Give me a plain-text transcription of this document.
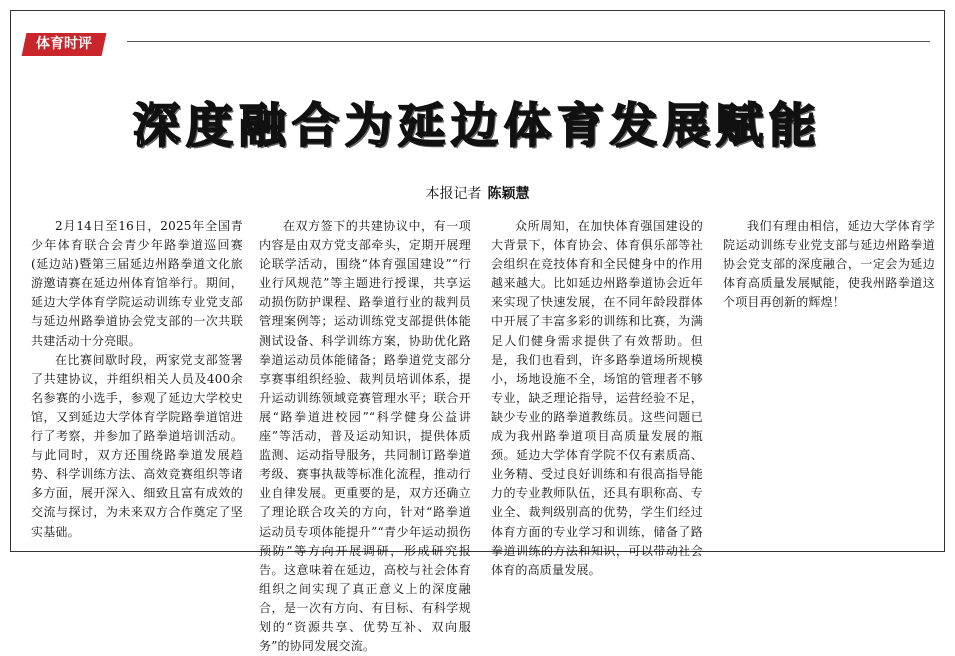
体育时评
深度融合为延边体育发展赋能
本报记者 陈颖慧

2月14日至16日，2025年全国青少年体育联合会青少年路拳道巡回赛(延边站)暨第三届延边州路拳道文化旅游邀请赛在延边州体育馆举行。期间，延边大学体育学院运动训练专业党支部与延边州路拳道协会党支部的一次共联共建活动十分亮眼。

在比赛间歇时段，两家党支部签署了共建协议，并组织相关人员及400余名参赛的小选手，参观了延边大学校史馆，又到延边大学体育学院路拳道馆进行了考察，并参加了路拳道培训活动。与此同时，双方还围绕路拳道发展趋势、科学训练方法、高效竞赛组织等诸多方面，展开深入、细致且富有成效的交流与探讨，为未来双方合作奠定了坚实基础。

在双方签下的共建协议中，有一项内容是由双方党支部牵头，定期开展理论联学活动，围绕“体育强国建设”“行业行风规范”等主题进行授课，共享运动损伤防护课程、路拳道行业的裁判员管理案例等；运动训练党支部提供体能测试设备、科学训练方案，协助优化路拳道运动员体能储备；路拳道党支部分享赛事组织经验、裁判员培训体系，提升运动训练领域竞赛管理水平；联合开展“路拳道进校园”“科学健身公益讲座”等活动，普及运动知识，提供体质监测、运动指导服务，共同制订路拳道考级、赛事执裁等标准化流程，推动行业自律发展。更重要的是，双方还确立了理论联合攻关的方向，针对“路拳道运动员专项体能提升”“青少年运动损伤预防”等方向开展调研，形成研究报告。这意味着在延边，高校与社会体育组织之间实现了真正意义上的深度融合，是一次有方向、有目标、有科学规划的“资源共享、优势互补、双向服务”的协同发展交流。

众所周知，在加快体育强国建设的大背景下，体育协会、体育俱乐部等社会组织在竞技体育和全民健身中的作用越来越大。比如延边州路拳道协会近年来实现了快速发展，在不同年龄段群体中开展了丰富多彩的训练和比赛，为满足人们健身需求提供了有效帮助。但是，我们也看到，许多路拳道场所规模小，场地设施不全，场馆的管理者不够专业，缺乏理论指导，运营经验不足，缺少专业的路拳道教练员。这些问题已成为我州路拳道项目高质量发展的瓶颈。延边大学体育学院不仅有素质高、业务精、受过良好训练和有很高指导能力的专业教师队伍，还具有职称高、专业全、裁判级别高的优势，学生们经过体育方面的专业学习和训练，储备了路拳道训练的方法和知识，可以带动社会体育的高质量发展。

我们有理由相信，延边大学体育学院运动训练专业党支部与延边州路拳道协会党支部的深度融合，一定会为延边体育高质量发展赋能，使我州路拳道这个项目再创新的辉煌！
